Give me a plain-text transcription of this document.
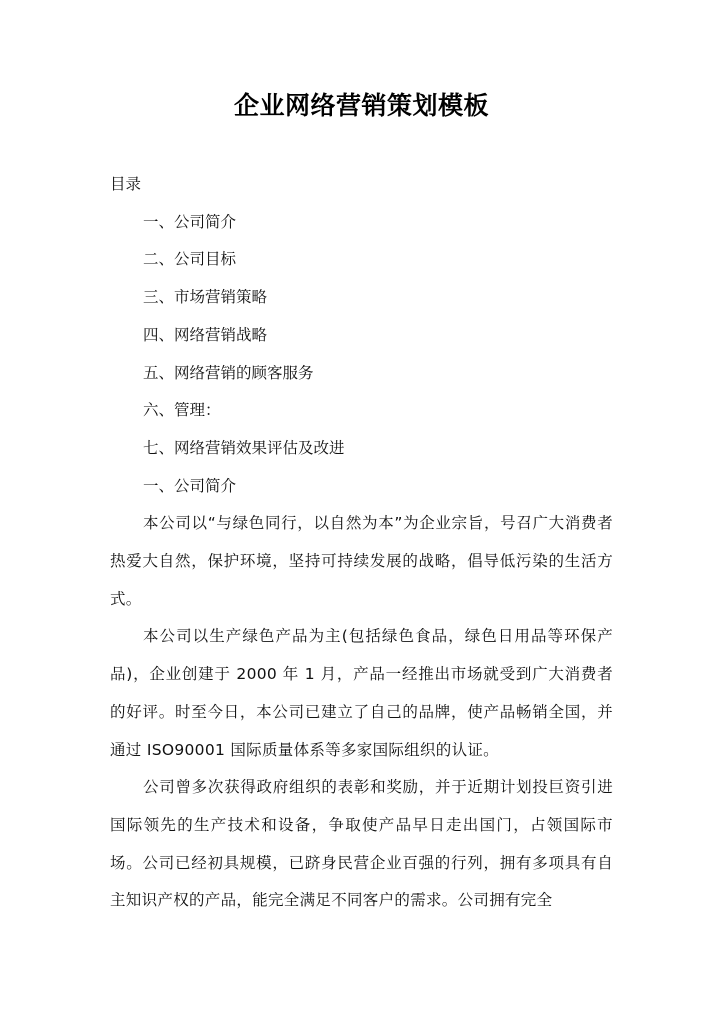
企业网络营销策划模板

目录

一、公司简介

二、公司目标

三、市场营销策略

四、网络营销战略

五、网络营销的顾客服务

六、管理：

七、网络营销效果评估及改进

一、公司简介

本公司以“与绿色同行，以自然为本”为企业宗旨，号召广大消费者热爱大自然，保护环境，坚持可持续发展的战略，倡导低污染的生活方式。

本公司以生产绿色产品为主(包括绿色食品，绿色日用品等环保产品)，企业创建于 2000 年 1 月，产品一经推出市场就受到广大消费者的好评。时至今日，本公司已建立了自己的品牌，使产品畅销全国，并通过 ISO90001 国际质量体系等多家国际组织的认证。

公司曾多次获得政府组织的表彰和奖励，并于近期计划投巨资引进国际领先的生产技术和设备，争取使产品早日走出国门，占领国际市场。公司已经初具规模，已跻身民营企业百强的行列，拥有多项具有自主知识产权的产品，能完全满足不同客户的需求。公司拥有完全
